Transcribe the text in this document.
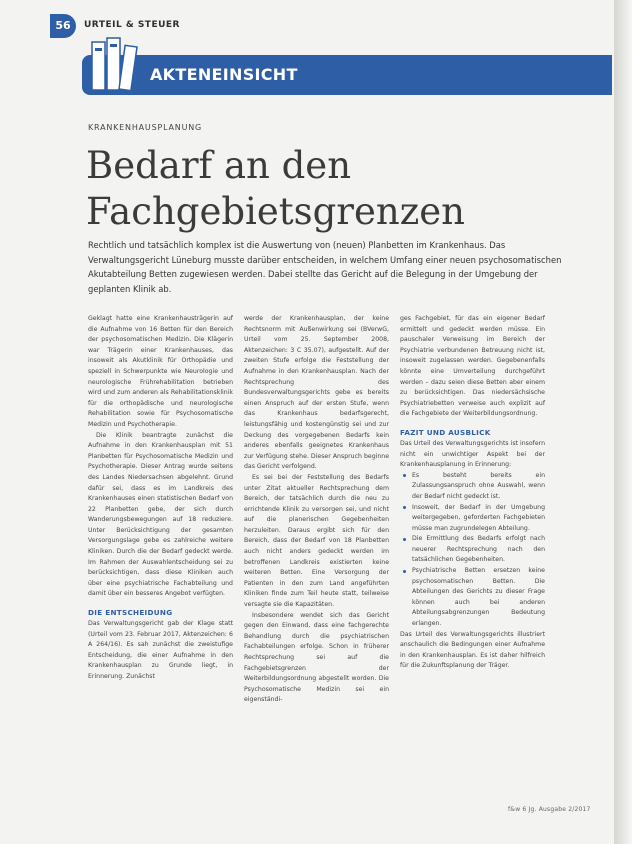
56	URTEIL & STEUER
AKTENEINSICHT
KRANKENHAUSPLANUNG
Bedarf an den Fachgebietsgrenzen
Rechtlich und tatsächlich komplex ist die Auswertung von (neuen) Planbetten im Krankenhaus. Das Verwaltungsgericht Lüneburg musste darüber entscheiden, in welchem Umfang einer neuen psychosomatischen Akutabteilung Betten zugewiesen werden. Dabei stellte das Gericht auf die Belegung in der Umgebung der geplanten Klinik ab.

Geklagt hatte eine Krankenhausträgerin auf die Aufnahme von 16 Betten für den Bereich der psychosomatischen Medizin. Die Klägerin war Trägerin einer Krankenhauses, das insoweit als Akutklinik für Orthopädie und speziell in Schwerpunkte wie Neurologie und neurologische Frührehabilitation betrieben wird und zum anderen als Rehabilitationsklinik für die orthopädische und neurologische Rehabilitation sowie für Psychosomatische Medizin und Psychotherapie.

Die Klinik beantragte zunächst die Aufnahme in den Krankenhausplan mit 51 Planbetten für Psychosomatische Medizin und Psychotherapie. Dieser Antrag wurde seitens des Landes Niedersachsen abgelehnt. Grund dafür sei, dass es im Landkreis des Krankenhauses einen statistischen Bedarf von 22 Planbetten gebe, der sich durch Wanderungsbewegungen auf 18 reduziere. Unter Berücksichtigung der gesamten Versorgungslage gebe es zahlreiche weitere Kliniken. Durch die der Bedarf gedeckt werde. Im Rahmen der Auswahlentscheidung sei zu berücksichtigen, dass diese Kliniken auch über eine psychiatrische Fachabteilung und damit über ein besseres Angebot verfügten.

DIE ENTSCHEIDUNG

Das Verwaltungsgericht gab der Klage statt (Urteil vom 23. Februar 2017, Aktenzeichen: 6 A 264/16). Es sah zunächst die zweistufige Entscheidung, die einer Aufnahme in den Krankenhausplan zu Grunde liegt, in Erinnerung. Zunächst

werde der Krankenhausplan, der keine Rechtsnorm mit Außenwirkung sei (BVerwG, Urteil vom 25. September 2008, Aktenzeichen: 3 C 35.07), aufgestellt. Auf der zweiten Stufe erfolge die Feststellung der Aufnahme in den Krankenhausplan. Nach der Rechtsprechung des Bundesverwaltungsgerichts gebe es bereits einen Anspruch auf der ersten Stufe, wenn das Krankenhaus bedarfsgerecht, leistungsfähig und kostengünstig sei und zur Deckung des vorgegebenen Bedarfs kein anderes ebenfalls geeignetes Krankenhaus zur Verfügung stehe. Dieser Anspruch beginne das Gericht verfolgend.

Es sei bei der Feststellung des Bedarfs unter Zitat aktueller Rechtsprechung dem Bereich, der tatsächlich durch die neu zu errichtende Klinik zu versorgen sei, und nicht auf die planerischen Gegebenheiten herzuleiten. Daraus ergibt sich für den Bereich, dass der Bedarf von 18 Planbetten auch nicht anders gedeckt werden im betroffenen Landkreis existierten keine weiteren Betten. Eine Versorgung der Patienten in den zum Land angeführten Kliniken finde zum Teil heute statt, teilweise versagte sie die Kapazitäten.

Insbesondere wendet sich das Gericht gegen den Einwand, dass eine fachgerechte Behandlung durch die psychiatrischen Fachabteilungen erfolge. Schon in früherer Rechtsprechung sei auf die Fachgebietsgrenzen der Weiterbildungsordnung abgestellt worden. Die Psychosomatische Medizin sei ein eigenständi-

ges Fachgebiet, für das ein eigener Bedarf ermittelt und gedeckt werden müsse. Ein pauschaler Verweisung im Bereich der Psychiatrie verbundenen Betreuung nicht ist, insoweit zugelassen werden. Gegebenenfalls könnte eine Umverteilung durchgeführt werden – dazu seien diese Betten aber einem zu berücksichtigen. Das niedersächsische Psychiatriebetten verweise auch explizit auf die Fachgebiete der Weiterbildungsordnung.

FAZIT UND AUSBLICK

Das Urteil des Verwaltungsgerichts ist insofern nicht ein unwichtiger Aspekt bei der Krankenhausplanung in Erinnerung:

Es besteht bereits ein Zulassungsanspruch ohne Auswahl, wenn der Bedarf nicht gedeckt ist.
Insoweit, der Bedarf in der Umgebung weitergegeben, geforderten Fachgebieten müsse man zugrundelegen Abteilung.
Die Ermittlung des Bedarfs erfolgt nach neuerer Rechtsprechung nach den tatsächlichen Gegebenheiten.
Psychiatrische Betten ersetzen keine psychosomatischen Betten. Die Abteilungen des Gerichts zu dieser Frage können auch bei anderen Abteilungsabgrenzungen Bedeutung erlangen.

Das Urteil des Verwaltungsgerichts illustriert anschaulich die Bedingungen einer Aufnahme in den Krankenhausplan. Es ist daher hilfreich für die Zukunftsplanung der Träger.

f&w 6 Jg. Ausgabe 2/2017
